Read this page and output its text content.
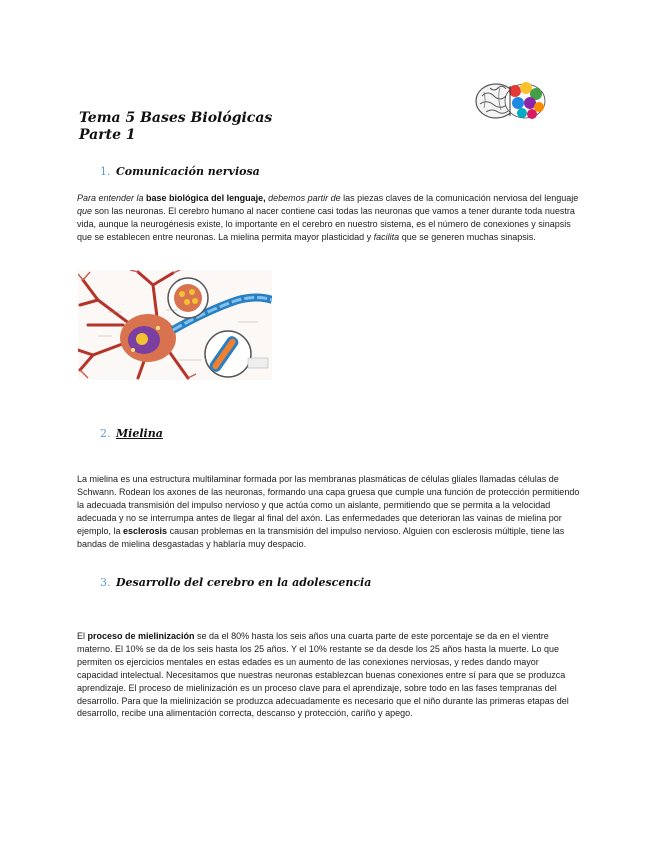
Tema 5 Bases Biológicas
Parte 1
1. Comunicación nerviosa
Para entender la base biológica del lenguaje, debemos partir de las piezas claves de la comunicación nerviosa del lenguaje que son las neuronas. El cerebro humano al nacer contiene casi todas las neuronas que vamos a tener durante toda nuestra vida, aunque la neurogénesis existe, lo importante en el cerebro en nuestro sistema, es el número de conexiones y sinapsis que se establecen entre neuronas. La mielina permita mayor plasticidad y facilita que se generen muchas sinapsis.
2. Mielina
La mielina es una estructura multilaminar formada por las membranas plasmáticas de células gliales llamadas células de Schwann. Rodean los axones de las neuronas, formando una capa gruesa que cumple una función de protección permitiendo la adecuada transmisión del impulso nervioso y que actúa como un aislante, permitiendo que se permita a la velocidad adecuada y no se interrumpa antes de llegar al final del axón. Las enfermedades que deterioran las vainas de mielina por ejemplo, la esclerosis causan problemas en la transmisión del impulso nervioso. Alguien con esclerosis múltiple, tiene las bandas de mielina desgastadas y hablaría muy despacio.
3. Desarrollo del cerebro en la adolescencia
El proceso de mielinización se da el 80% hasta los seis años una cuarta parte de este porcentaje se da en el vientre materno. El 10% se da de los seis hasta los 25 años. Y el 10% restante se da desde los 25 años hasta la muerte. Lo que permiten os ejercicios mentales en estas edades es un aumento de las conexiones nerviosas, y redes dando mayor capacidad intelectual. Necesitamos que nuestras neuronas establezcan buenas conexiones entre sí para que se produzca aprendizaje. El proceso de mielinización es un proceso clave para el aprendizaje, sobre todo en las fases tempranas del desarrollo. Para que la mielinización se produzca adecuadamente es necesario que el niño durante las primeras etapas del desarrollo, recibe una alimentación correcta, descanso y protección, cariño y apego.
